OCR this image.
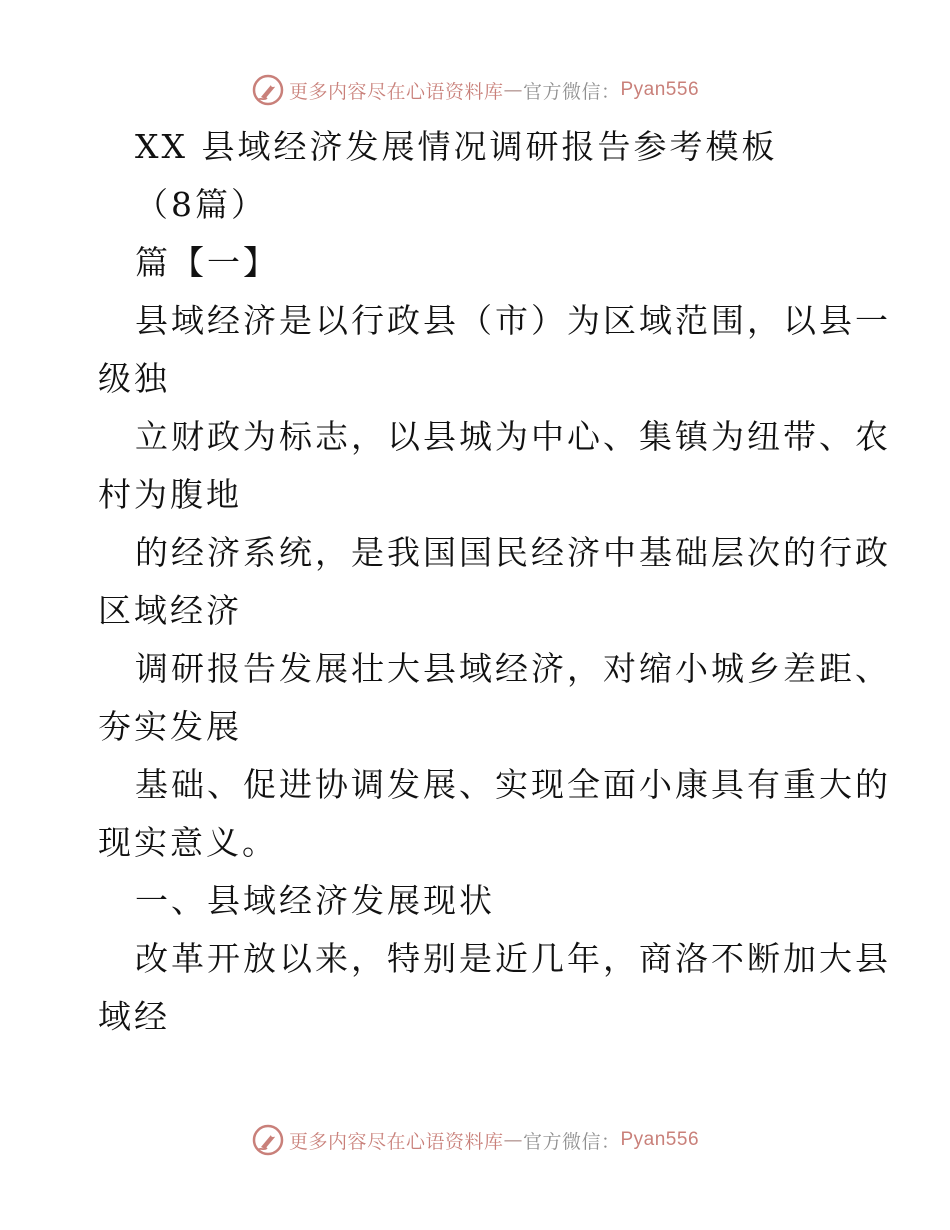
更多内容尽在心语资料库 — 官方微信： Pyan556
XX 县域经济发展情况调研报告参考模板
（8篇）
篇【一】
县域经济是以行政县（市）为区域范围，以县一
级独
立财政为标志，以县城为中心、集镇为纽带、农
村为腹地
的经济系统，是我国国民经济中基础层次的行政
区域经济
调研报告发展壮大县域经济，对缩小城乡差距、
夯实发展
基础、促进协调发展、实现全面小康具有重大的
现实意义。
一、县域经济发展现状
改革开放以来，特别是近几年，商洛不断加大县
域经
更多内容尽在心语资料库 — 官方微信： Pyan556
